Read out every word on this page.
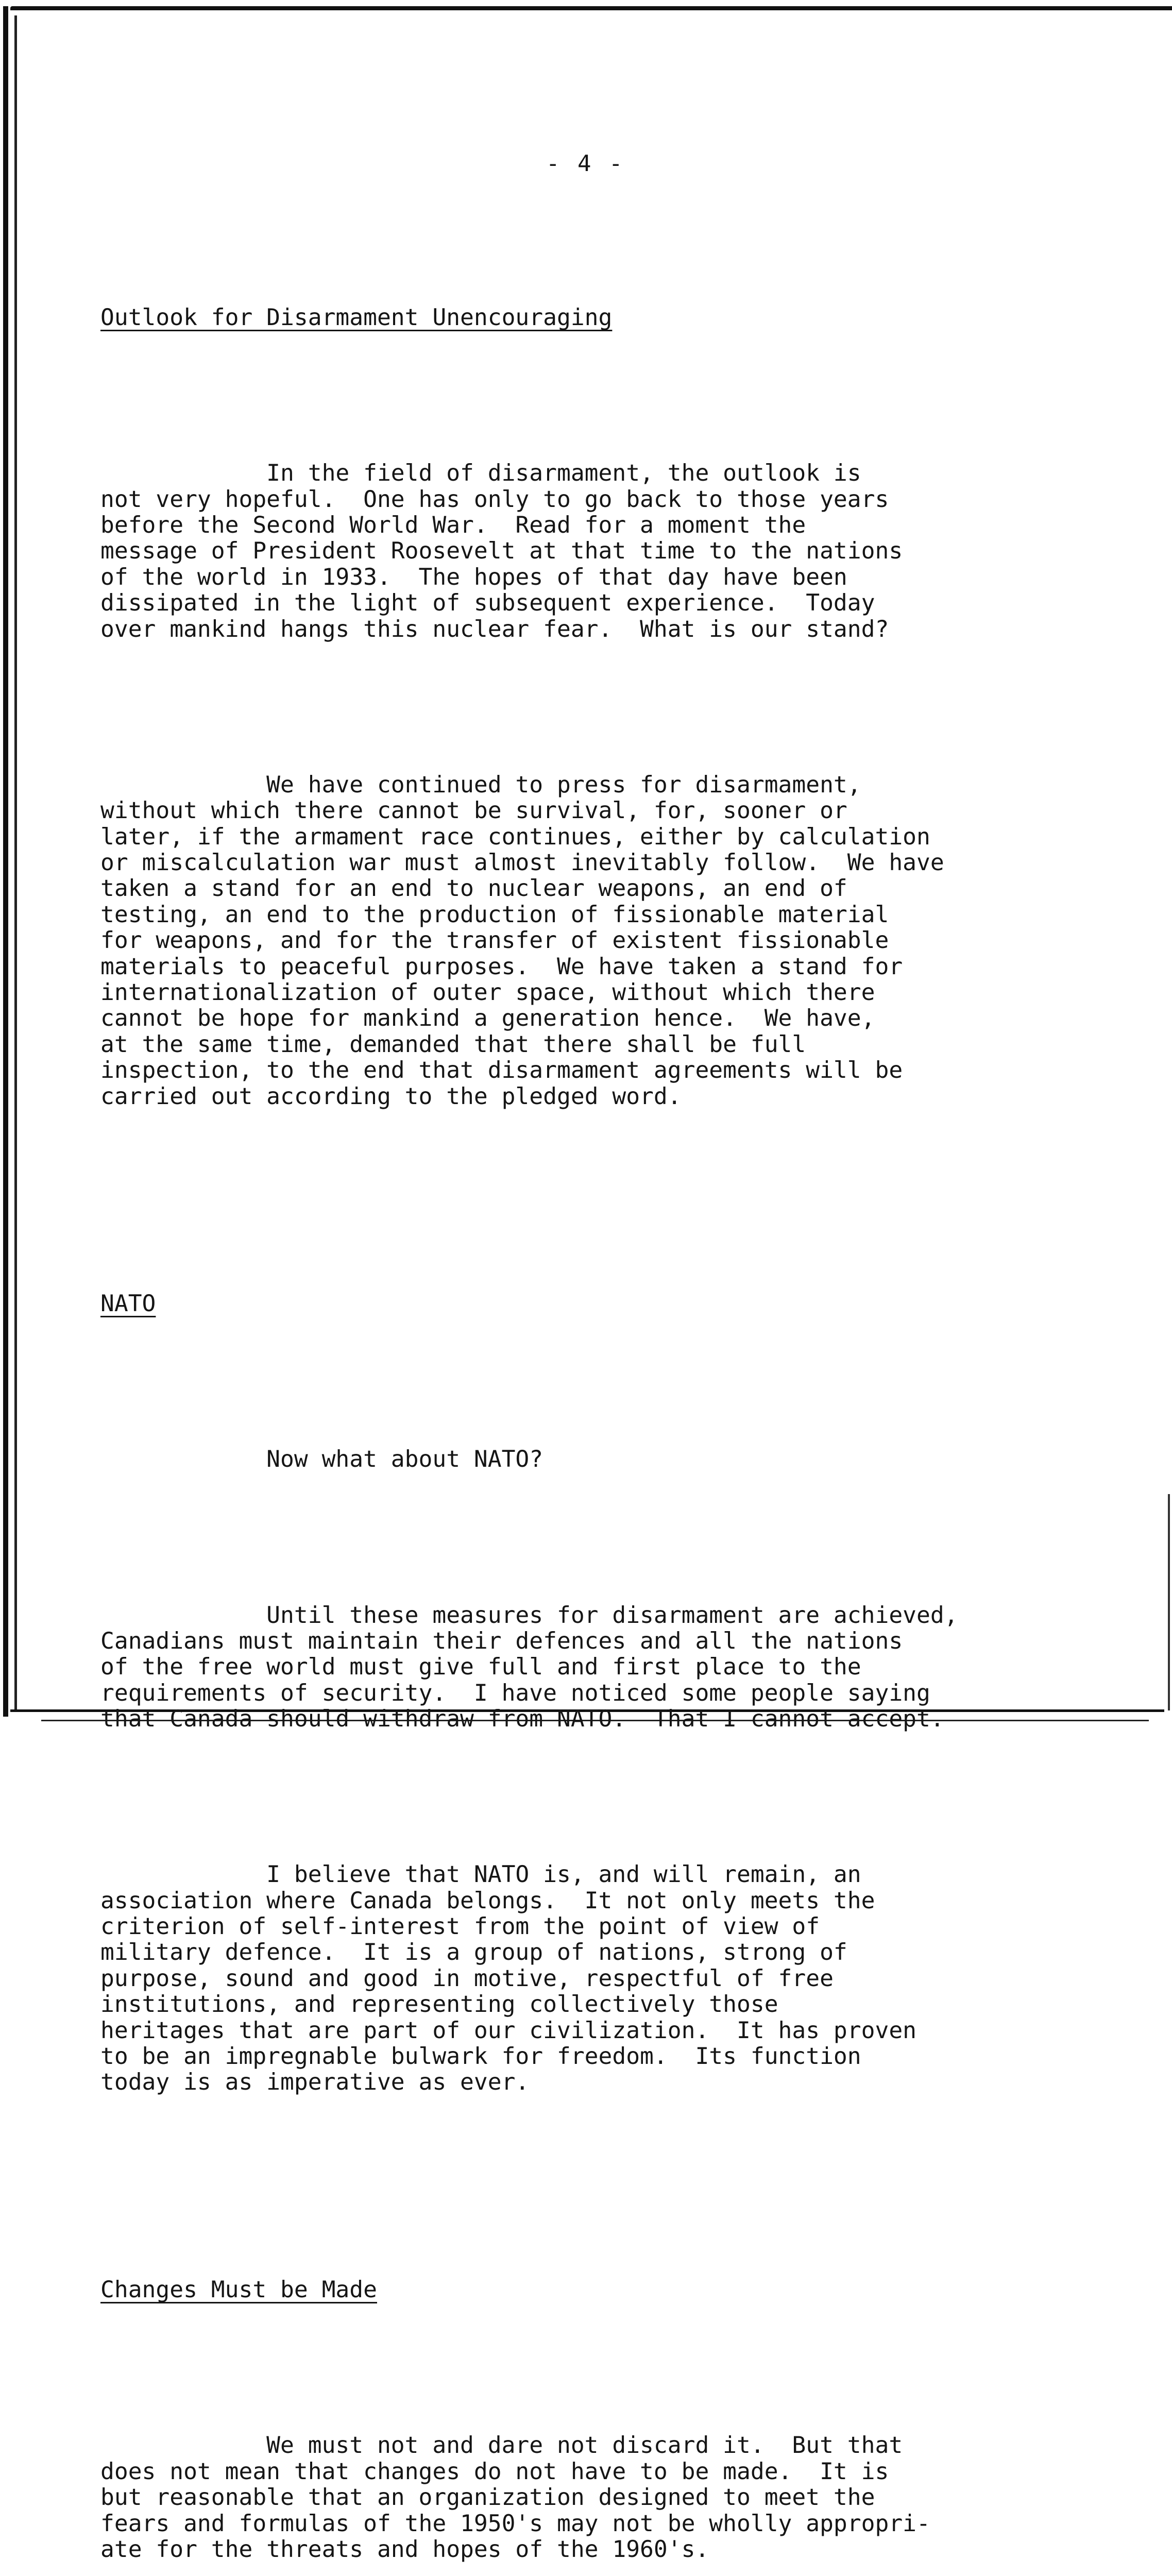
- 4 -

Outlook for Disarmament Unencouraging

In the field of disarmament, the outlook is
not very hopeful.  One has only to go back to those years
before the Second World War.  Read for a moment the
message of President Roosevelt at that time to the nations
of the world in 1933.  The hopes of that day have been
dissipated in the light of subsequent experience.  Today
over mankind hangs this nuclear fear.  What is our stand?

We have continued to press for disarmament,
without which there cannot be survival, for, sooner or
later, if the armament race continues, either by calculation
or miscalculation war must almost inevitably follow.  We have
taken a stand for an end to nuclear weapons, an end of
testing, an end to the production of fissionable material
for weapons, and for the transfer of existent fissionable
materials to peaceful purposes.  We have taken a stand for
internationalization of outer space, without which there
cannot be hope for mankind a generation hence.  We have,
at the same time, demanded that there shall be full
inspection, to the end that disarmament agreements will be
carried out according to the pledged word.

NATO

Now what about NATO?

Until these measures for disarmament are achieved,
Canadians must maintain their defences and all the nations
of the free world must give full and first place to the
requirements of security.  I have noticed some people saying
that Canada should withdraw from NATO.  That I cannot accept.

I believe that NATO is, and will remain, an
association where Canada belongs.  It not only meets the
criterion of self-interest from the point of view of
military defence.  It is a group of nations, strong of
purpose, sound and good in motive, respectful of free
institutions, and representing collectively those
heritages that are part of our civilization.  It has proven
to be an impregnable bulwark for freedom.  Its function
today is as imperative as ever.

Changes Must be Made

We must not and dare not discard it.  But that
does not mean that changes do not have to be made.  It is
but reasonable that an organization designed to meet the
fears and formulas of the 1950's may not be wholly appropri-
ate for the threats and hopes of the 1960's.
